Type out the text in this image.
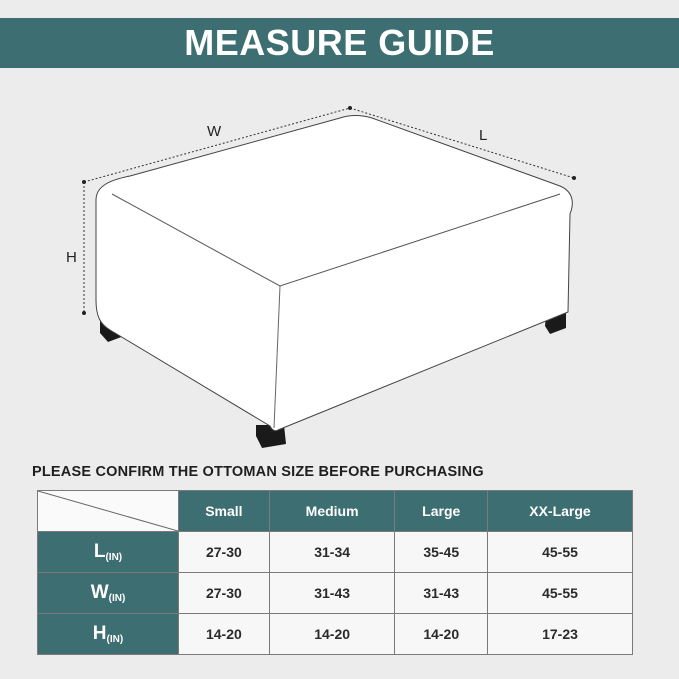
MEASURE GUIDE
W	L
H
PLEASE CONFIRM THE OTTOMAN SIZE BEFORE PURCHASING
	Small	Medium	Large	XX-Large
$L_{(IN)}$	27-30	31-34	35-45	45-55
$W_{(IN)}$	27-30	31-43	31-43	45-55
$H_{(IN)}$	14-20	14-20	14-20	17-23
